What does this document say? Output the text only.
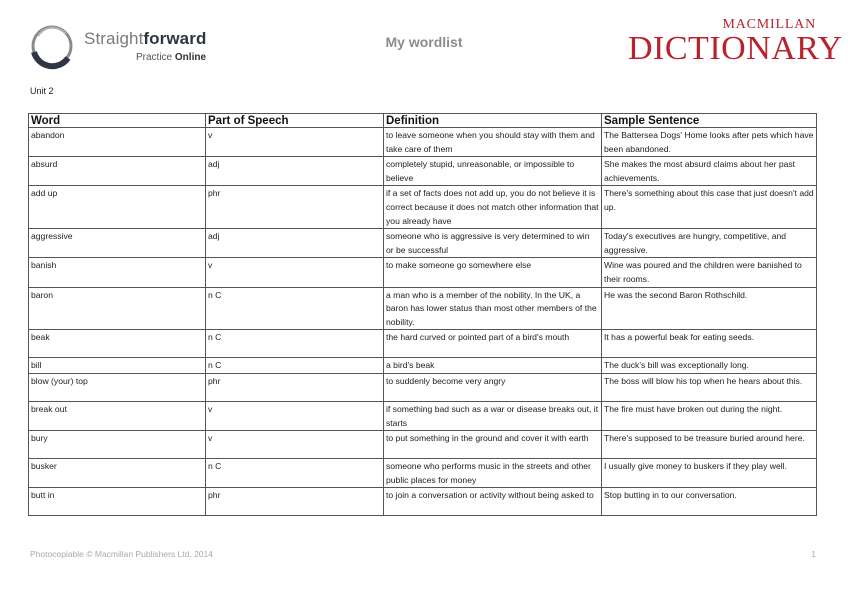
Straightforward
Practice Online
My wordlist
MACMILLAN
DICTIONARY
Unit 2
Word	Part of Speech	Definition	Sample Sentence
abandon	v	to leave someone when you should stay with them and take care of them	The Battersea Dogs' Home looks after pets which have been abandoned.
absurd	adj	completely stupid, unreasonable, or impossible to believe	She makes the most absurd claims about her past achievements.
add up	phr	if a set of facts does not add up, you do not believe it is correct because it does not match other information that you already have	There's something about this case that just doesn't add up.
aggressive	adj	someone who is aggressive is very determined to win or be successful	Today's executives are hungry, competitive, and aggressive.
banish	v	to make someone go somewhere else	Wine was poured and the children were banished to their rooms.
baron	n C	a man who is a member of the nobility. In the UK, a baron has lower status than most other members of the nobility.	He was the second Baron Rothschild.
beak	n C	the hard curved or pointed part of a bird's mouth	It has a powerful beak for eating seeds.
bill	n C	a bird's beak	The duck's bill was exceptionally long.
blow (your) top	phr	to suddenly become very angry	The boss will blow his top when he hears about this.
break out	v	if something bad such as a war or disease breaks out, it starts	The fire must have broken out during the night.
bury	v	to put something in the ground and cover it with earth	There's supposed to be treasure buried around here.
busker	n C	someone who performs music in the streets and other public places for money	I usually give money to buskers if they play well.
butt in	phr	to join a conversation or activity without being asked to	Stop butting in to our conversation.
Photocopiable © Macmillan Publishers Ltd. 2014	1
